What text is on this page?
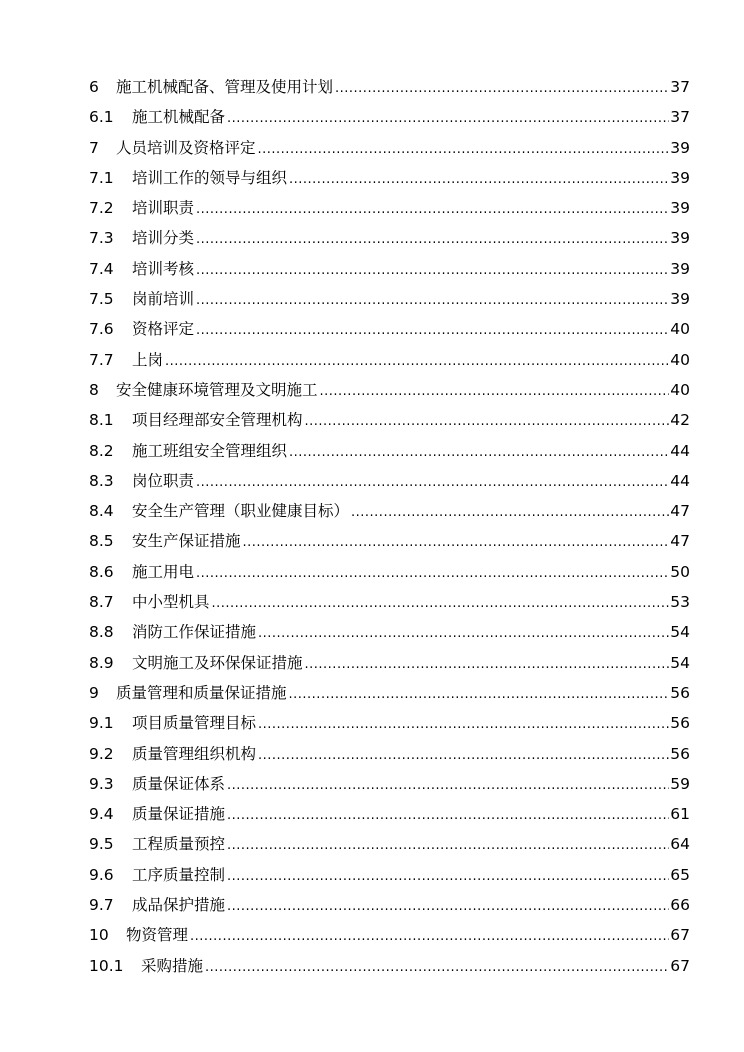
6	施工机械配备、管理及使用计划 .....	37
6.1	施工机械配备 .....	37
7	人员培训及资格评定 .....	39
7.1	培训工作的领导与组织 .....	39
7.2	培训职责 .....	39
7.3	培训分类 .....	39
7.4	培训考核 .....	39
7.5	岗前培训 .....	39
7.6	资格评定 .....	40
7.7	上岗 .....	40
8	安全健康环境管理及文明施工 .....	40
8.1	项目经理部安全管理机构 .....	42
8.2	施工班组安全管理组织 .....	44
8.3	岗位职责 .....	44
8.4	安全生产管理（职业健康目标） .....	47
8.5	安生产保证措施 .....	47
8.6	施工用电 .....	50
8.7	中小型机具 .....	53
8.8	消防工作保证措施 .....	54
8.9	文明施工及环保保证措施 .....	54
9	质量管理和质量保证措施 .....	56
9.1	项目质量管理目标 .....	56
9.2	质量管理组织机构 .....	56
9.3	质量保证体系 .....	59
9.4	质量保证措施 .....	61
9.5	工程质量预控 .....	64
9.6	工序质量控制 .....	65
9.7	成品保护措施 .....	66
10	物资管理 .....	67
10.1	采购措施 .....	67
